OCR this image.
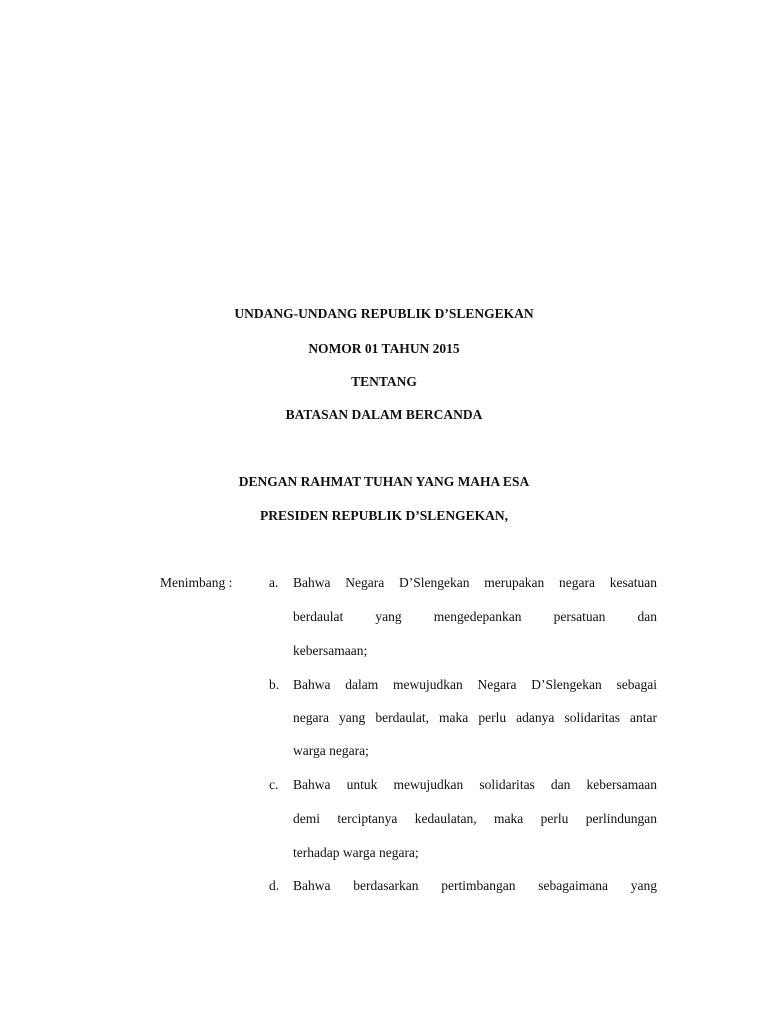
UNDANG-UNDANG REPUBLIK D’SLENGEKAN
NOMOR 01 TAHUN 2015
TENTANG
BATASAN DALAM BERCANDA
DENGAN RAHMAT TUHAN YANG MAHA ESA
PRESIDEN REPUBLIK D’SLENGEKAN,
Menimbang :	a. Bahwa Negara D’Slengekan merupakan negara kesatuan
berdaulat yang mengedepankan persatuan dan
kebersamaan;
b. Bahwa dalam mewujudkan Negara D’Slengekan sebagai
negara yang berdaulat, maka perlu adanya solidaritas antar
warga negara;
c. Bahwa untuk mewujudkan solidaritas dan kebersamaan
demi terciptanya kedaulatan, maka perlu perlindungan
terhadap warga negara;
d. Bahwa berdasarkan pertimbangan sebagaimana yang
